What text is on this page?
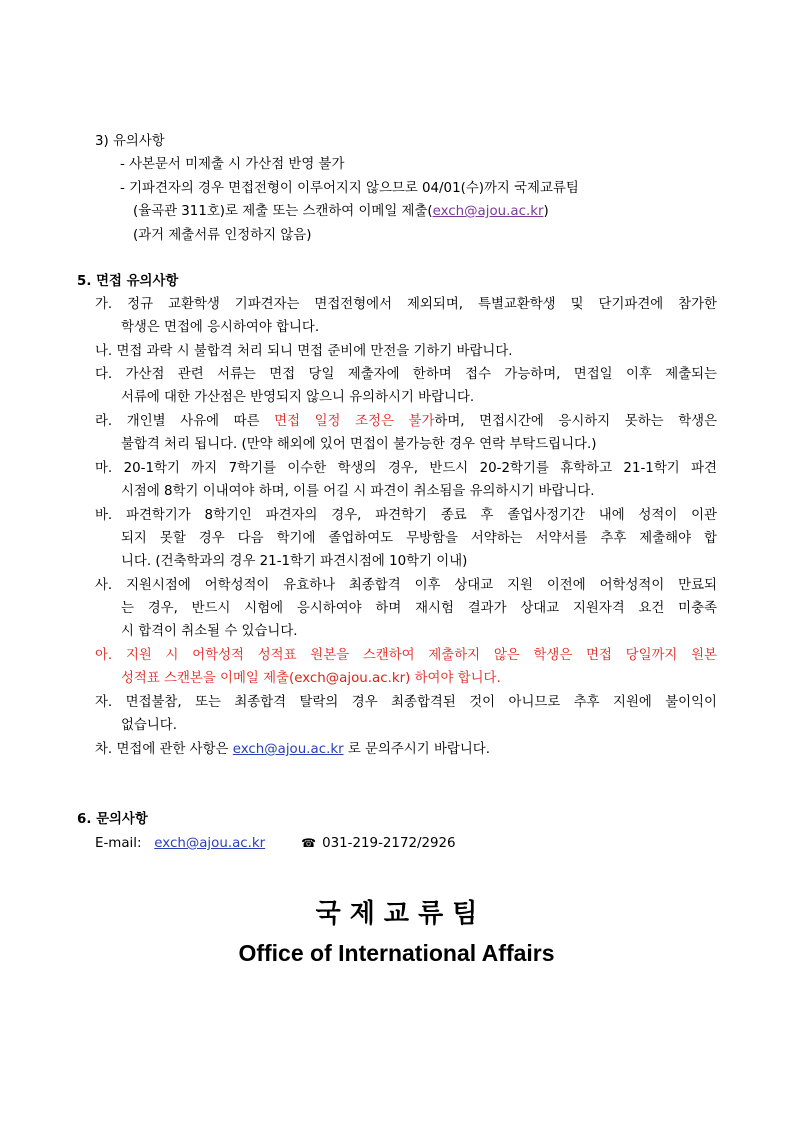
3) 유의사항
- 사본문서 미제출 시 가산점 반영 불가
- 기파견자의 경우 면접전형이 이루어지지 않으므로 04/01(수)까지 국제교류팀
(율곡관 311호)로 제출 또는 스캔하여 이메일 제출(exch@ajou.ac.kr)
(과거 제출서류 인정하지 않음)
5. 면접 유의사항
가. 정규 교환학생 기파견자는 면접전형에서 제외되며, 특별교환학생 및 단기파견에 참가한
학생은 면접에 응시하여야 합니다.
나. 면접 과락 시 불합격 처리 되니 면접 준비에 만전을 기하기 바랍니다.
다. 가산점 관련 서류는 면접 당일 제출자에 한하며 접수 가능하며, 면접일 이후 제출되는
서류에 대한 가산점은 반영되지 않으니 유의하시기 바랍니다.
라. 개인별 사유에 따른 면접 일정 조정은 불가하며, 면접시간에 응시하지 못하는 학생은
불합격 처리 됩니다. (만약 해외에 있어 면접이 불가능한 경우 연락 부탁드립니다.)
마. 20-1학기 까지 7학기를 이수한 학생의 경우, 반드시 20-2학기를 휴학하고 21-1학기 파견
시점에 8학기 이내여야 하며, 이를 어길 시 파견이 취소됨을 유의하시기 바랍니다.
바. 파견학기가 8학기인 파견자의 경우, 파견학기 종료 후 졸업사정기간 내에 성적이 이관
되지 못할 경우 다음 학기에 졸업하여도 무방함을 서약하는 서약서를 추후 제출해야 합
니다. (건축학과의 경우 21-1학기 파견시점에 10학기 이내)
사. 지원시점에 어학성적이 유효하나 최종합격 이후 상대교 지원 이전에 어학성적이 만료되
는 경우, 반드시 시험에 응시하여야 하며 재시험 결과가 상대교 지원자격 요건 미충족
시 합격이 취소될 수 있습니다.
아. 지원 시 어학성적 성적표 원본을 스캔하여 제출하지 않은 학생은 면접 당일까지 원본
성적표 스캔본을 이메일 제출(exch@ajou.ac.kr) 하여야 합니다.
자. 면접불참, 또는 최종합격 탈락의 경우 최종합격된 것이 아니므로 추후 지원에 불이익이
없습니다.
차. 면접에 관한 사항은 exch@ajou.ac.kr 로 문의주시기 바랍니다.
6. 문의사항
E-mail: exch@ajou.ac.kr	☎ 031-219-2172/2926
국 제 교 류 팀
Office of International Affairs
